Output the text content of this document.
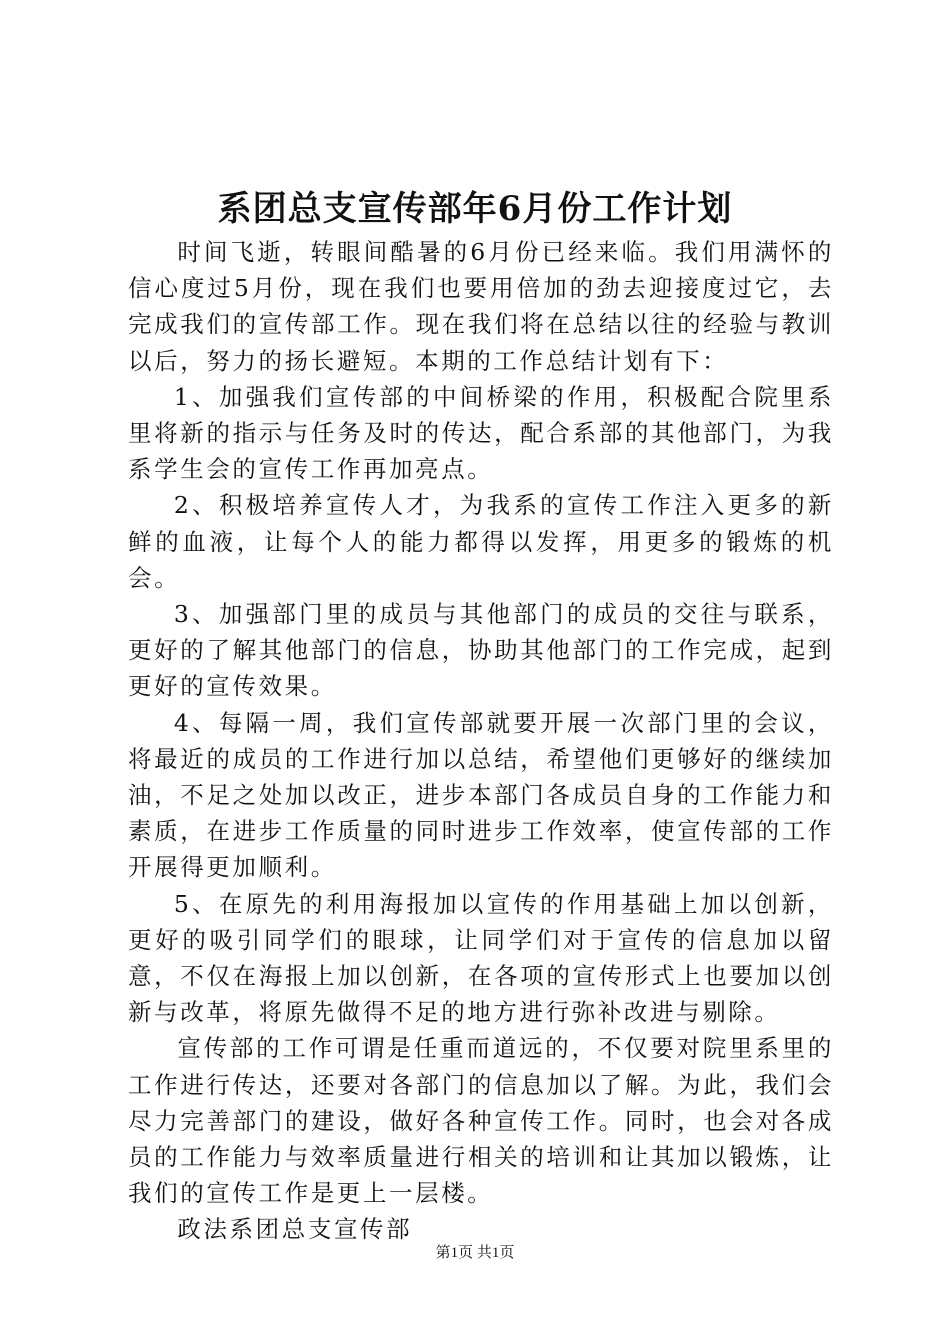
系团总支宣传部年6月份工作计划

时间飞逝，转眼间酷暑的6月份已经来临。我们用满怀的信心度过5月份，现在我们也要用倍加的劲去迎接度过它，去完成我们的宣传部工作。现在我们将在总结以往的经验与教训以后，努力的扬长避短。本期的工作总结计划有下：

1、加强我们宣传部的中间桥梁的作用，积极配合院里系里将新的指示与任务及时的传达，配合系部的其他部门，为我系学生会的宣传工作再加亮点。

2、积极培养宣传人才，为我系的宣传工作注入更多的新鲜的血液，让每个人的能力都得以发挥，用更多的锻炼的机会。

3、加强部门里的成员与其他部门的成员的交往与联系，更好的了解其他部门的信息，协助其他部门的工作完成，起到更好的宣传效果。

4、每隔一周，我们宣传部就要开展一次部门里的会议，将最近的成员的工作进行加以总结，希望他们更够好的继续加油，不足之处加以改正，进步本部门各成员自身的工作能力和素质，在进步工作质量的同时进步工作效率，使宣传部的工作开展得更加顺利。

5、在原先的利用海报加以宣传的作用基础上加以创新，更好的吸引同学们的眼球，让同学们对于宣传的信息加以留意，不仅在海报上加以创新，在各项的宣传形式上也要加以创新与改革，将原先做得不足的地方进行弥补改进与剔除。

宣传部的工作可谓是任重而道远的，不仅要对院里系里的工作进行传达，还要对各部门的信息加以了解。为此，我们会尽力完善部门的建设，做好各种宣传工作。同时，也会对各成员的工作能力与效率质量进行相关的培训和让其加以锻炼，让我们的宣传工作是更上一层楼。

政法系团总支宣传部

第1页 共1页
